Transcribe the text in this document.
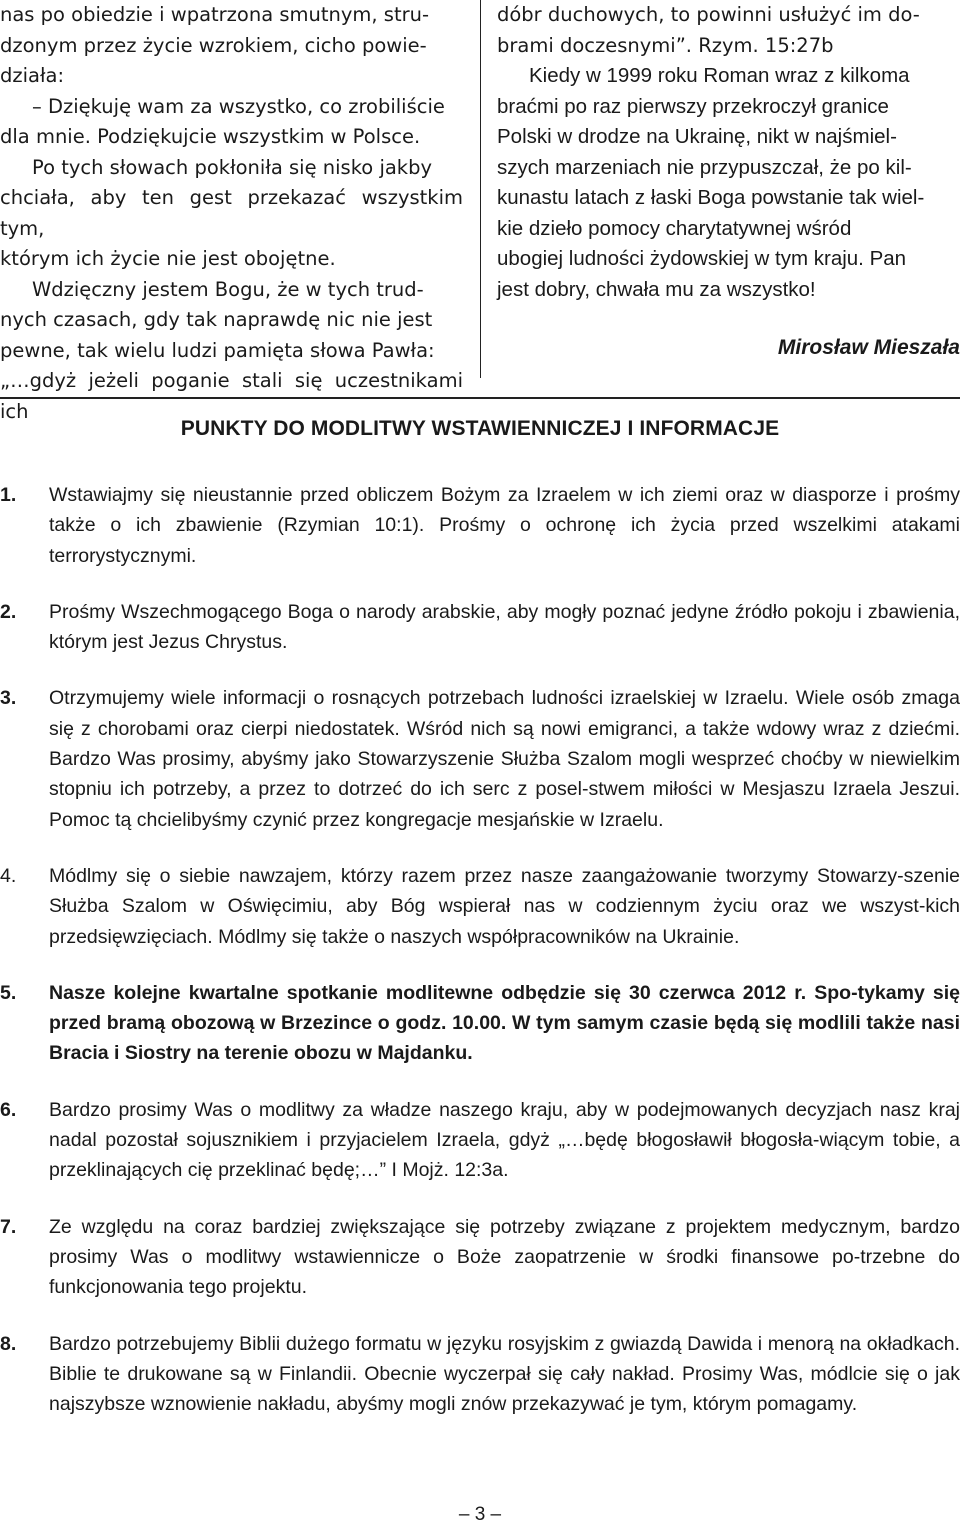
nas po obiedzie i wpatrzona smutnym, stru-

dzonym przez życie wzrokiem, cicho powie-

działa:

– Dziękuję wam za wszystko, co zrobiliście

dla mnie. Podziękujcie wszystkim w Polsce.

Po tych słowach pokłoniła się nisko jakby

chciała, aby ten gest przekazać wszystkim tym,

którym ich życie nie jest obojętne.

Wdzięczny jestem Bogu, że w tych trud-

nych czasach, gdy tak naprawdę nic nie jest

pewne, tak wielu ludzi pamięta słowa Pawła:

„…gdyż jeżeli poganie stali się uczestnikami ich

dóbr duchowych, to powinni usłużyć im do-

brami doczesnymi”. Rzym. 15:27b

Kiedy w 1999 roku Roman wraz z kilkoma

braćmi po raz pierwszy przekroczył granice

Polski w drodze na Ukrainę, nikt w najśmiel-

szych marzeniach nie przypuszczał, że po kil-

kunastu latach z łaski Boga powstanie tak wiel-

kie dzieło pomocy charytatywnej wśród

ubogiej ludności żydowskiej w tym kraju. Pan

jest dobry, chwała mu za wszystko!

Mirosław Mieszała
PUNKTY DO MODLITWY WSTAWIENNICZEJ I INFORMACJE

1. Wstawiajmy się nieustannie przed obliczem Bożym za Izraelem w ich ziemi oraz w diasporze i prośmy także o ich zbawienie (Rzymian 10:1). Prośmy o ochronę ich życia przed wszelkimi atakami terrorystycznymi.

2. Prośmy Wszechmogącego Boga o narody arabskie, aby mogły poznać jedyne źródło pokoju i zbawienia, którym jest Jezus Chrystus.

3. Otrzymujemy wiele informacji o rosnących potrzebach ludności izraelskiej w Izraelu. Wiele osób zmaga się z chorobami oraz cierpi niedostatek. Wśród nich są nowi emigranci, a także wdowy wraz z dziećmi. Bardzo Was prosimy, abyśmy jako Stowarzyszenie Służba Szalom mogli wesprzeć choćby w niewielkim stopniu ich potrzeby, a przez to dotrzeć do ich serc z posel-stwem miłości w Mesjaszu Izraela Jeszui. Pomoc tą chcielibyśmy czynić przez kongregacje mesjańskie w Izraelu.

4. Módlmy się o siebie nawzajem, którzy razem przez nasze zaangażowanie tworzymy Stowarzy-szenie Służba Szalom w Oświęcimiu, aby Bóg wspierał nas w codziennym życiu oraz we wszyst-kich przedsięwzięciach. Módlmy się także o naszych współpracowników na Ukrainie.

5. Nasze kolejne kwartalne spotkanie modlitewne odbędzie się 30 czerwca 2012 r. Spo-tykamy się przed bramą obozową w Brzezince o godz. 10.00. W tym samym czasie będą się modlili także nasi Bracia i Siostry na terenie obozu w Majdanku.

6. Bardzo prosimy Was o modlitwy za władze naszego kraju, aby w podejmowanych decyzjach nasz kraj nadal pozostał sojusznikiem i przyjacielem Izraela, gdyż „…będę błogosławił błogosła-wiącym tobie, a przeklinających cię przeklinać będę;…” I Mojż. 12:3a.

7. Ze względu na coraz bardziej zwiększające się potrzeby związane z projektem medycznym, bardzo prosimy Was o modlitwy wstawiennicze o Boże zaopatrzenie w środki finansowe po-trzebne do funkcjonowania tego projektu.

8. Bardzo potrzebujemy Biblii dużego formatu w języku rosyjskim z gwiazdą Dawida i menorą na okładkach. Biblie te drukowane są w Finlandii. Obecnie wyczerpał się cały nakład. Prosimy Was, módlcie się o jak najszybsze wznowienie nakładu, abyśmy mogli znów przekazywać je tym, którym pomagamy.

– 3 –
